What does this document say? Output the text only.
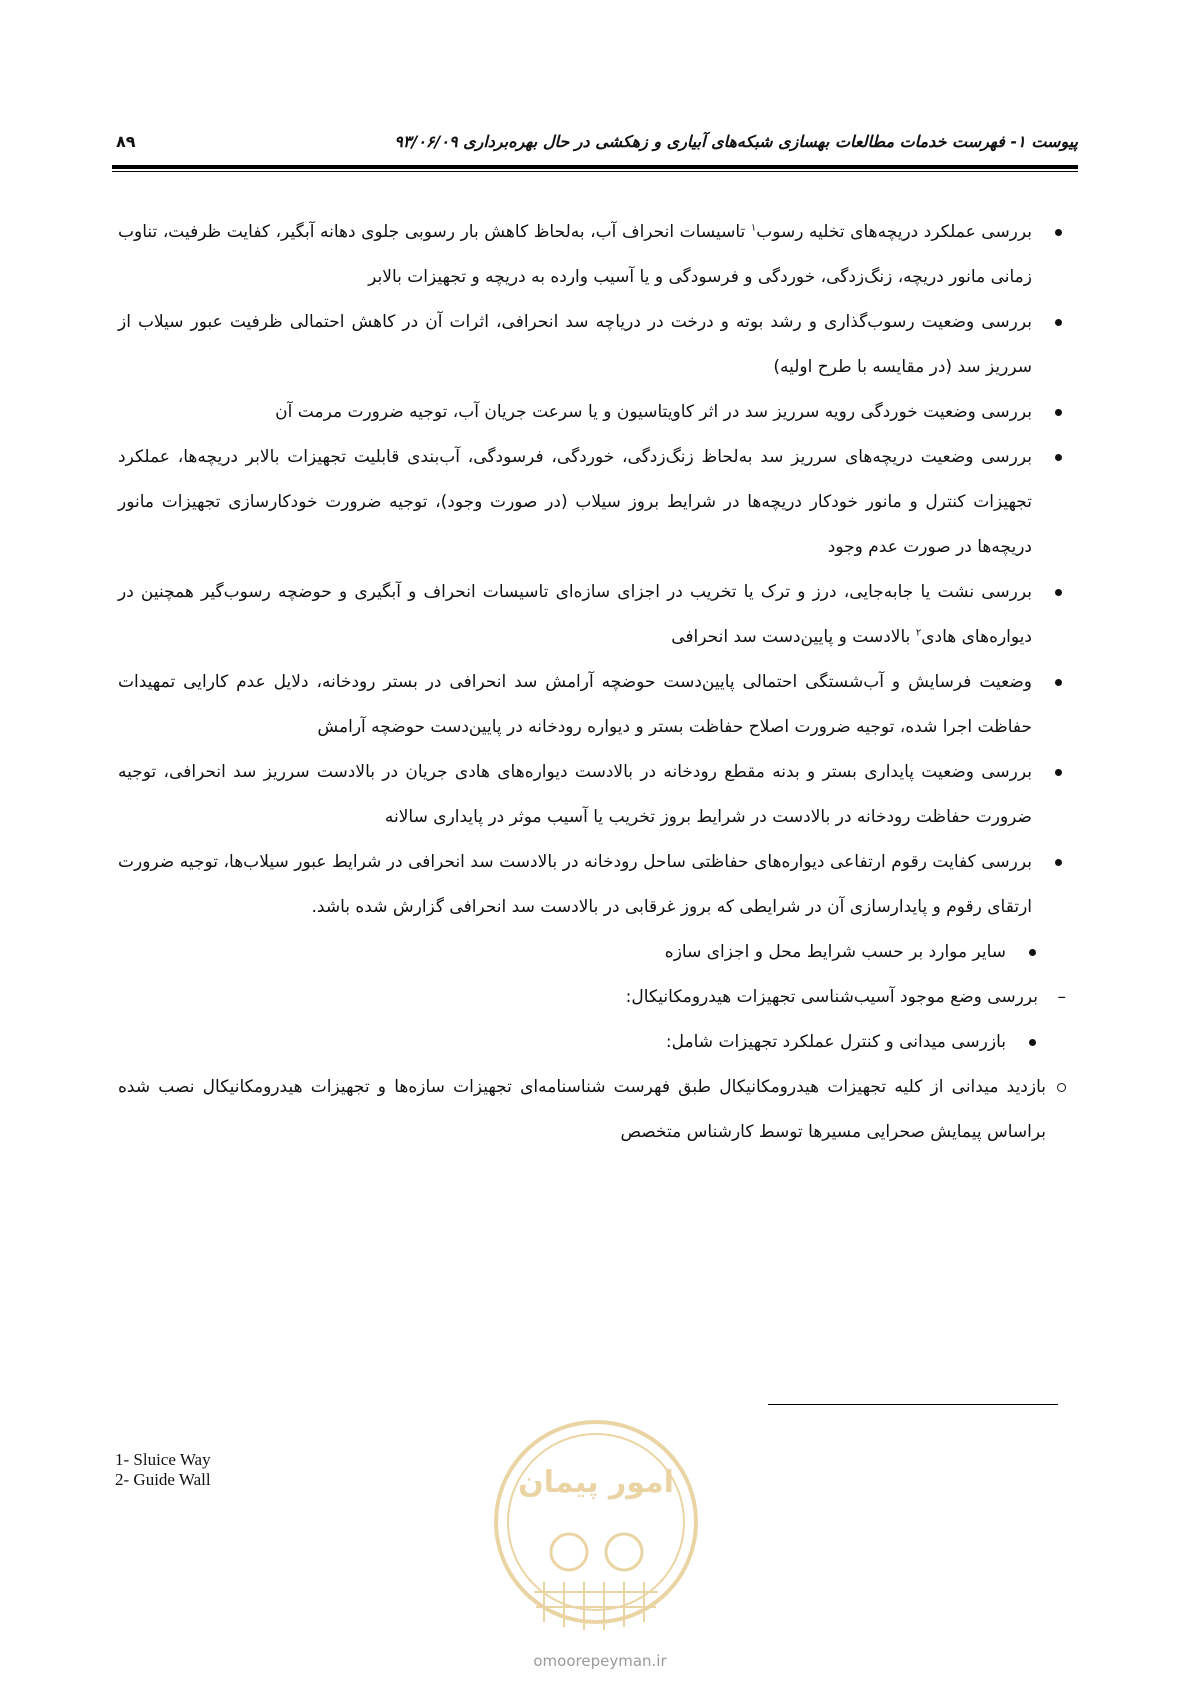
پیوست ۱- فهرست خدمات مطالعات بهسازی شبکه‌های آبیاری و زهکشی در حال بهره‌برداری ۹۳/۰۶/۰۹
۸۹
بررسی عملکرد دریچه‌های تخلیه رسوب$^۱$ تاسیسات انحراف آب، به‌لحاظ کاهش بار رسوبی جلوی دهانه آبگیر، کفایت ظرفیت، تناوب زمانی مانور دریچه، زنگ‌زدگی، خوردگی و فرسودگی و یا آسیب وارده به دریچه و تجهیزات بالابر
بررسی وضعیت رسوب‌گذاری و رشد بوته و درخت در دریاچه سد انحرافی، اثرات آن در کاهش احتمالی ظرفیت عبور سیلاب از سرریز سد (در مقایسه با طرح اولیه)
بررسی وضعیت خوردگی رویه سرریز سد در اثر کاویتاسیون و یا سرعت جریان آب، توجیه ضرورت مرمت آن
بررسی وضعیت دریچه‌های سرریز سد به‌لحاظ زنگ‌زدگی، خوردگی، فرسودگی، آب‌بندی قابلیت تجهیزات بالابر دریچه‌ها، عملکرد تجهیزات کنترل و مانور خودکار دریچه‌ها در شرایط بروز سیلاب (در صورت وجود)، توجیه ضرورت خودکارسازی تجهیزات مانور دریچه‌ها در صورت عدم وجود
بررسی نشت یا جابه‌جایی، درز و ترک یا تخریب در اجزای سازه‌ای تاسیسات انحراف و آبگیری و حوضچه رسوب‌گیر همچنین در دیواره‌های هادی$^۲$ بالادست و پایین‌دست سد انحرافی
وضعیت فرسایش و آب‌شستگی احتمالی پایین‌دست حوضچه آرامش سد انحرافی در بستر رودخانه، دلایل عدم کارایی تمهیدات حفاظت اجرا شده، توجیه ضرورت اصلاح حفاظت بستر و دیواره رودخانه در پایین‌دست حوضچه آرامش
بررسی وضعیت پایداری بستر و بدنه مقطع رودخانه در بالادست دیواره‌های هادی جریان در بالادست سرریز سد انحرافی، توجیه ضرورت حفاظت رودخانه در بالادست در شرایط بروز تخریب یا آسیب موثر در پایداری سالانه
بررسی کفایت رقوم ارتفاعی دیواره‌های حفاظتی ساحل رودخانه در بالادست سد انحرافی در شرایط عبور سیلاب‌ها، توجیه ضرورت ارتقای رقوم و پایدارسازی آن در شرایطی که بروز غرقابی در بالادست سد انحرافی گزارش شده باشد.
سایر موارد بر حسب شرایط محل و اجزای سازه
– بررسی وضع موجود آسیب‌شناسی تجهیزات هیدرومکانیکال:
بازرسی میدانی و کنترل عملکرد تجهیزات شامل:
بازدید میدانی از کلیه تجهیزات هیدرومکانیکال طبق فهرست شناسنامه‌ای تجهیزات سازه‌ها و تجهیزات هیدرومکانیکال نصب شده براساس پیمایش صحرایی مسیرها توسط کارشناس متخصص
1- Sluice Way
2- Guide Wall	امور پیمان
omoorepeyman.ir
